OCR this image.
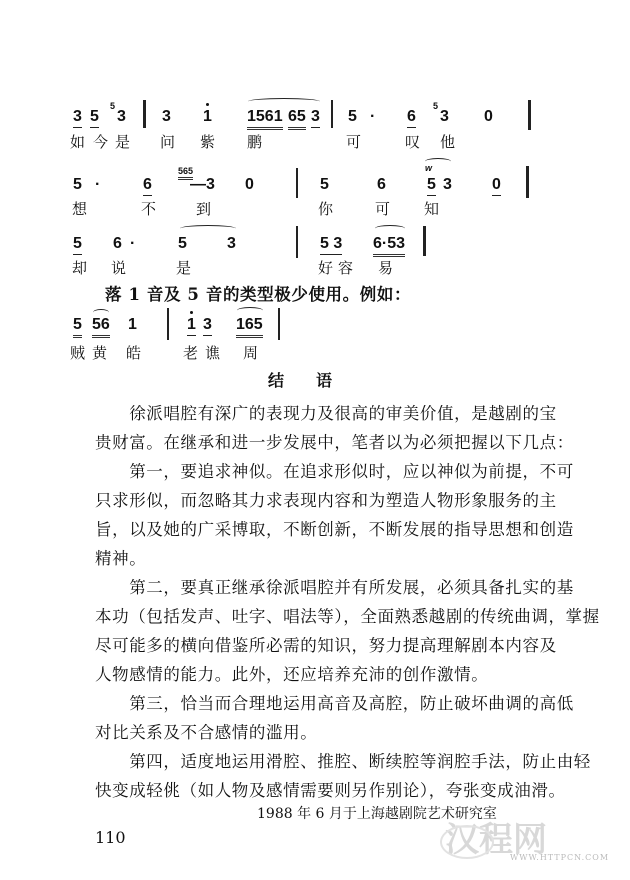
3 5
5
3 3 1 1561 65 3 5 · 6
5
3 0
如 今 是 问 紫 鹏	可	叹 他
5 ·	6
565
—3 0	5	6
w
5 3	0
想	不	到	你	可 知
5 6 ·	5	3	5 3 6·53
却 说	是	好 容 易
落 1 音及 5 音的类型极少使用。例如：
5 56 1	1 3 165
贼 黄 皓	老 谯 周
结　　语
　　徐派唱腔有深广的表现力及很高的审美价值，是越剧的宝
贵财富。在继承和进一步发展中，笔者以为必须把握以下几点：
　　第一，要追求神似。在追求形似时，应以神似为前提，不可
只求形似，而忽略其力求表现内容和为塑造人物形象服务的主
旨，以及她的广采博取，不断创新，不断发展的指导思想和创造
精神。
　　第二，要真正继承徐派唱腔并有所发展，必须具备扎实的基
本功（包括发声、吐字、唱法等），全面熟悉越剧的传统曲调，掌握
尽可能多的横向借鉴所必需的知识，努力提高理解剧本内容及
人物感情的能力。此外，还应培养充沛的创作激情。
　　第三，恰当而合理地运用高音及高腔，防止破坏曲调的高低
对比关系及不合感情的滥用。
　　第四，适度地运用滑腔、推腔、断续腔等润腔手法，防止由轻
快变成轻佻（如人物及感情需要则另作别论），夸张变成油滑。
1988 年 6 月于上海越剧院艺术研究室
110	汉程网
WWW.HTTPCN.COM
